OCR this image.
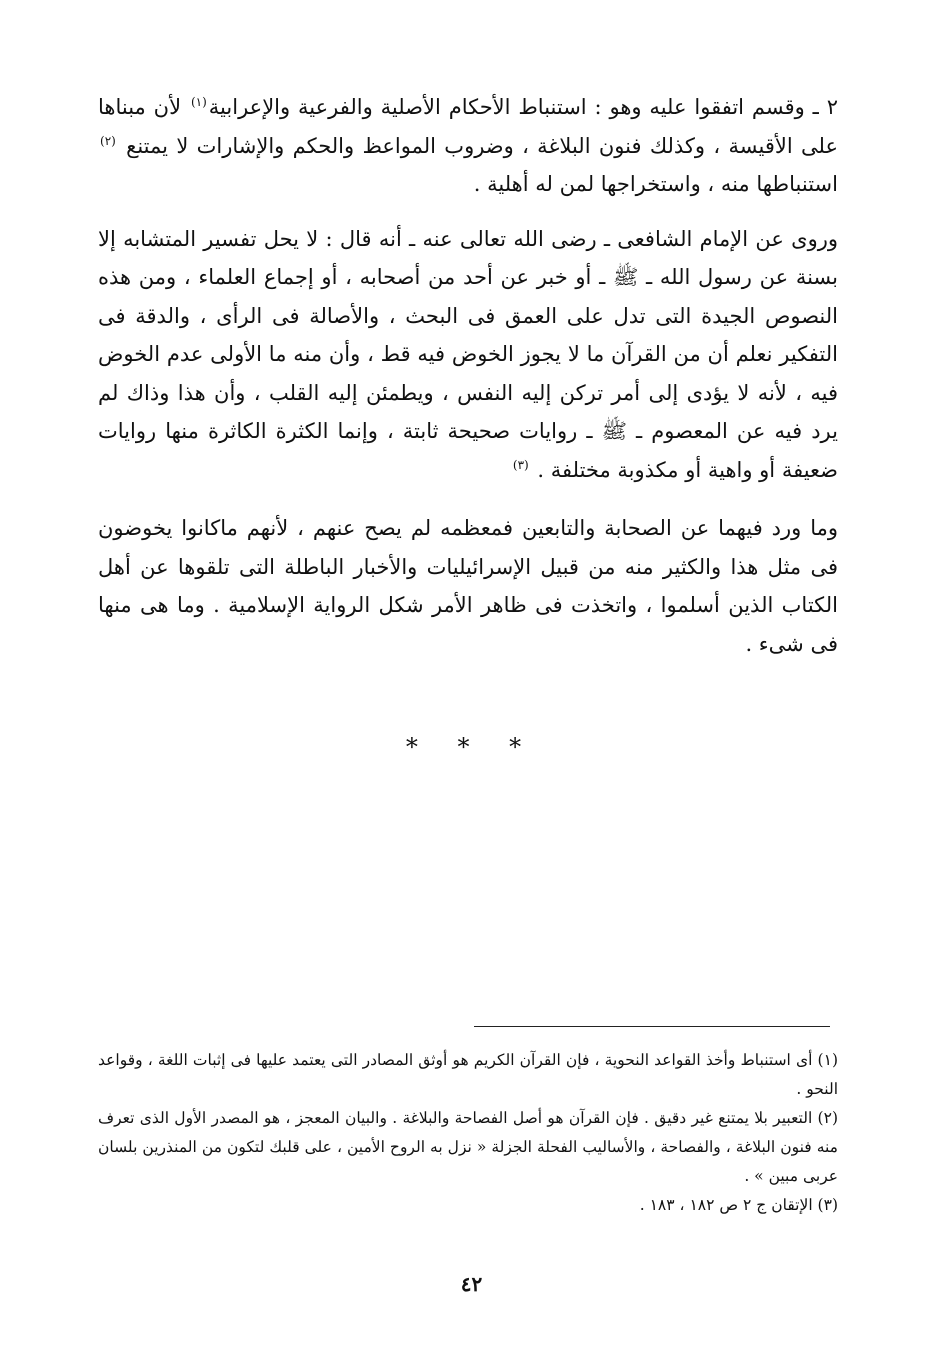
٢ ـ وقسم اتفقوا عليه وهو : استنباط الأحكام الأصلية والفرعية والإعرابية$^{(١)}$ لأن مبناها على الأقيسة ، وكذلك فنون البلاغة ، وضروب المواعظ والحكم والإشارات لا يمتنع $^{(٢)}$ استنباطها منه ، واستخراجها لمن له أهلية .

وروى عن الإمام الشافعى ـ رضى الله تعالى عنه ـ أنه قال : لا يحل تفسير المتشابه إلا بسنة عن رسول الله ـ ﷺ ـ أو خبر عن أحد من أصحابه ، أو إجماع العلماء ، ومن هذه النصوص الجيدة التى تدل على العمق فى البحث ، والأصالة فى الرأى ، والدقة فى التفكير نعلم أن من القرآن ما لا يجوز الخوض فيه قط ، وأن منه ما الأولى عدم الخوض فيه ، لأنه لا يؤدى إلى أمر تركن إليه النفس ، ويطمئن إليه القلب ، وأن هذا وذاك لم يرد فيه عن المعصوم ـ ﷺ ـ روايات صحيحة ثابتة ، وإنما الكثرة الكاثرة منها روايات ضعيفة أو واهية أو مكذوبة مختلفة . $^{(٣)}$

وما ورد فيهما عن الصحابة والتابعين فمعظمه لم يصح عنهم ، لأنهم ماكانوا يخوضون فى مثل هذا والكثير منه من قبيل الإسرائيليات والأخبار الباطلة التى تلقوها عن أهل الكتاب الذين أسلموا ، واتخذت فى ظاهر الأمر شكل الرواية الإسلامية . وما هى منها فى شىء .

* * *

(١) أى استنباط وأخذ القواعد النحوية ، فإن القرآن الكريم هو أوثق المصادر التى يعتمد عليها فى إثبات اللغة ، وقواعد النحو .

(٢) التعبير بلا يمتنع غير دقيق . فإن القرآن هو أصل الفصاحة والبلاغة . والبيان المعجز ، هو المصدر الأول الذى تعرف منه فنون البلاغة ، والفصاحة ، والأساليب الفحلة الجزلة « نزل به الروح الأمين ، على قلبك لتكون من المنذرين بلسان عربى مبين » .

(٣) الإتقان ج ٢ ص ١٨٢ ، ١٨٣ .

٤٢
